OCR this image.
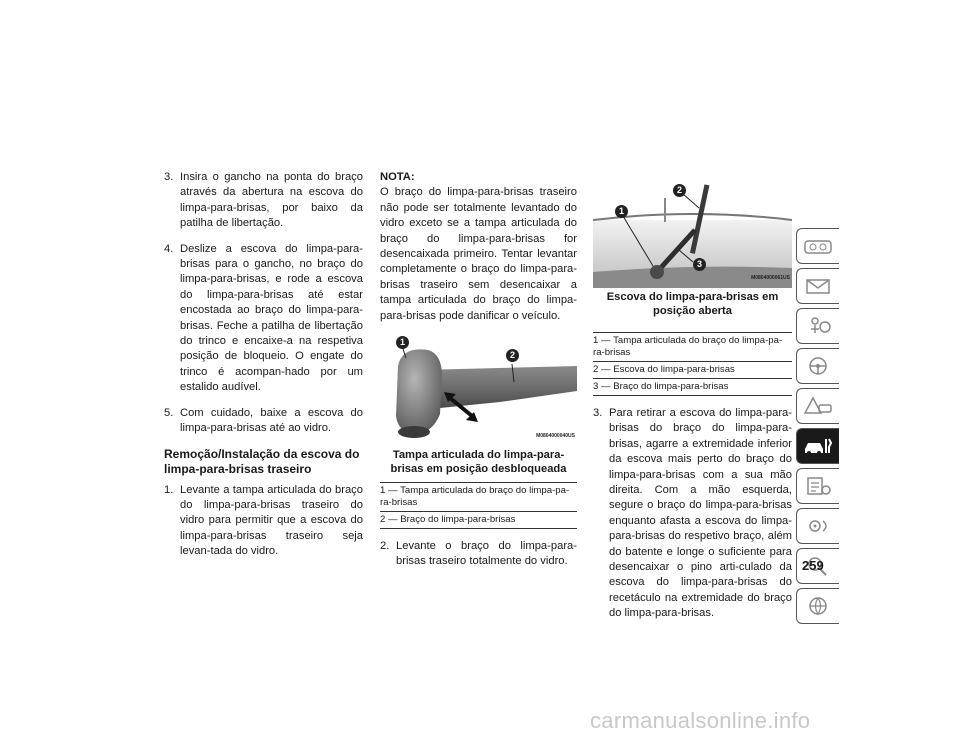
3. Insira o gancho na ponta do braço através da abertura na escova do limpa-para-brisas, por baixo da patilha de libertação.
4. Deslize a escova do limpa-para-brisas para o gancho, no braço do limpa-para-brisas, e rode a escova do limpa-para-brisas até estar encostada ao braço do limpa-para-brisas. Feche a patilha de libertação do trinco e encaixe-a na respetiva posição de bloqueio. O engate do trinco é acompan-hado por um estalido audível.
5. Com cuidado, baixe a escova do limpa-para-brisas até ao vidro.
Remoção/Instalação da escova do limpa-para-brisas traseiro
1. Levante a tampa articulada do braço do limpa-para-brisas traseiro do vidro para permitir que a escova do limpa-para-brisas traseiro seja levan-tada do vidro.
NOTA:
O braço do limpa-para-brisas traseiro não pode ser totalmente levantado do vidro exceto se a tampa articulada do braço do limpa-para-brisas for desencaixada primeiro. Tentar levantar completamente o braço do limpa-para-brisas traseiro sem desencaixar a tampa articulada do braço do limpa-para-brisas pode danificar o veículo.
1
2
M0804000040US
Tampa articulada do limpa-para-brisas em posição desbloqueada
1 — Tampa articulada do braço do limpa-pa-ra-brisas
2 — Braço do limpa-para-brisas
2. Levante o braço do limpa-para-brisas traseiro totalmente do vidro.
1
2
3
M0804000061US
Escova do limpa-para-brisas em posição aberta
1 — Tampa articulada do braço do limpa-pa-ra-brisas
2 — Escova do limpa-para-brisas
3 — Braço do limpa-para-brisas
3. Para retirar a escova do limpa-para-brisas do braço do limpa-para-brisas, agarre a extremidade inferior da escova mais perto do braço do limpa-para-brisas com a sua mão direita. Com a mão esquerda, segure o braço do limpa-para-brisas enquanto afasta a escova do limpa-para-brisas do respetivo braço, além do batente e longe o suficiente para desencaixar o pino arti-culado da escova do limpa-para-brisas do recetáculo na extremidade do braço do limpa-para-brisas.
259
carmanualsonline.info
